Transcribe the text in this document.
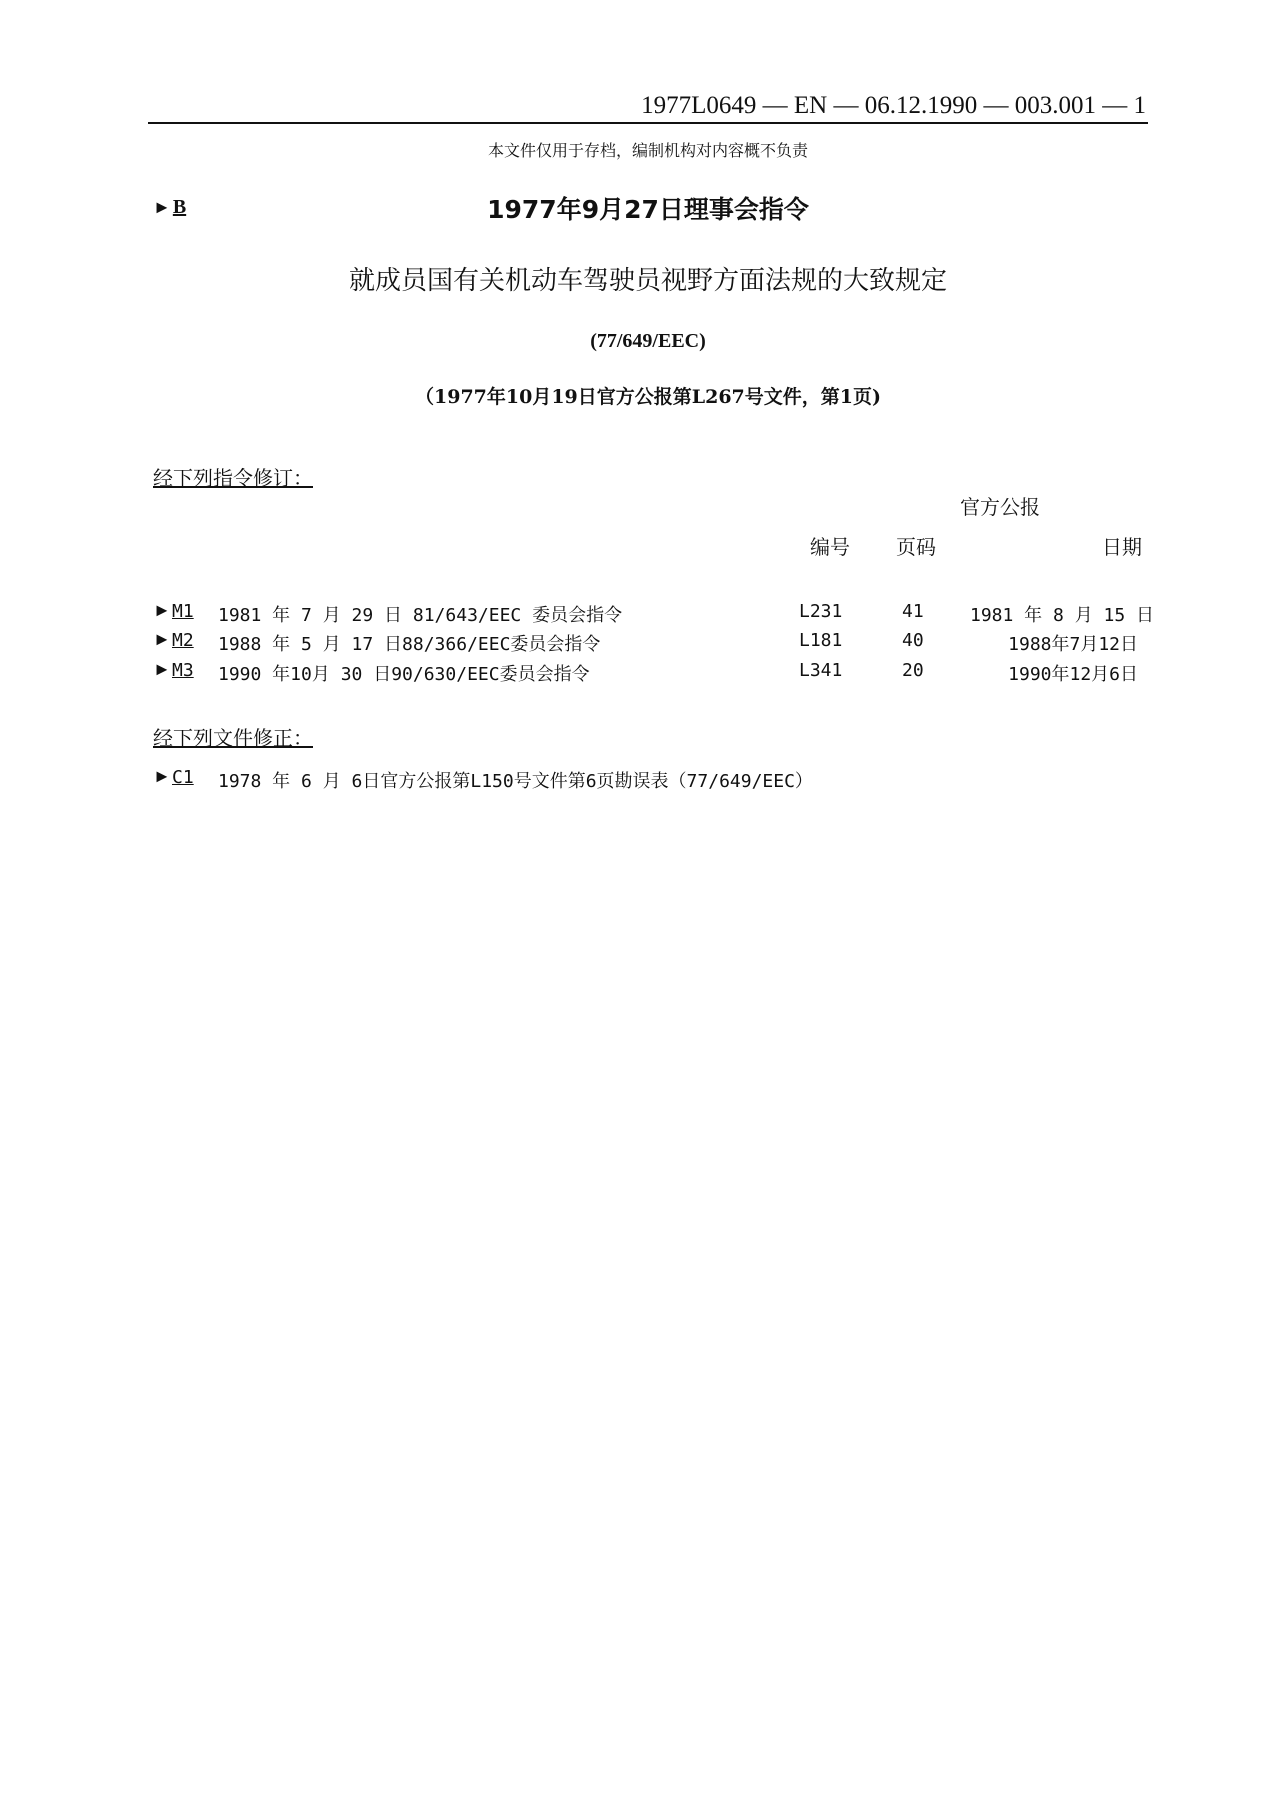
1977L0649 — EN — 06.12.1990 — 003.001 — 1
本文件仅用于存档，编制机构对内容概不负责
► B	1977年9月27日理事会指令
就成员国有关机动车驾驶员视野方面法规的大致规定
(77/649/EEC)
（1977年10月19日官方公报第L267号文件，第1页)
经下列指令修订：
官方公报
编号 页码	日期
► M1 1981 年 7 月 29 日 81/643/EEC 委员会指令	L231	41	1981 年 8 月 15 日
► M2 1988 年 5 月 17 日88/366/EEC委员会指令	L181	40	1988年7月12日
► M3 1990 年10月 30 日90/630/EEC委员会指令	L341	20	1990年12月6日
经下列文件修正：
► C1 1978 年 6 月 6日官方公报第L150号文件第6页勘误表（77/649/EEC）
